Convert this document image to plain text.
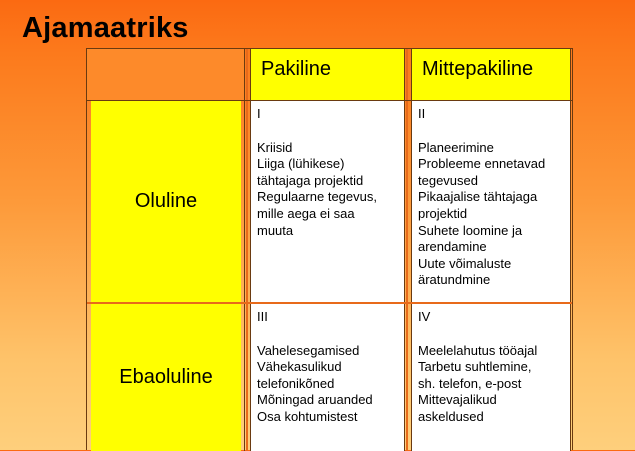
Ajamaatriks
Pakiline	Mittepakiline
Oluline
Ebaoluline
I
Kriisid
Liiga (lühikese)
tähtajaga projektid
Regulaarne tegevus,
mille aega ei saa
muuta
II
Planeerimine
Probleeme ennetavad
tegevused
Pikaajalise tähtajaga
projektid
Suhete loomine ja
arendamine
Uute võimaluste
äratundmine
III
Vahelesegamised
Vähekasulikud
telefonikõned
Mõningad aruanded
Osa kohtumistest
IV
Meelelahutus tööajal
Tarbetu suhtlemine,
sh. telefon, e-post
Mittevajalikud
askeldused
